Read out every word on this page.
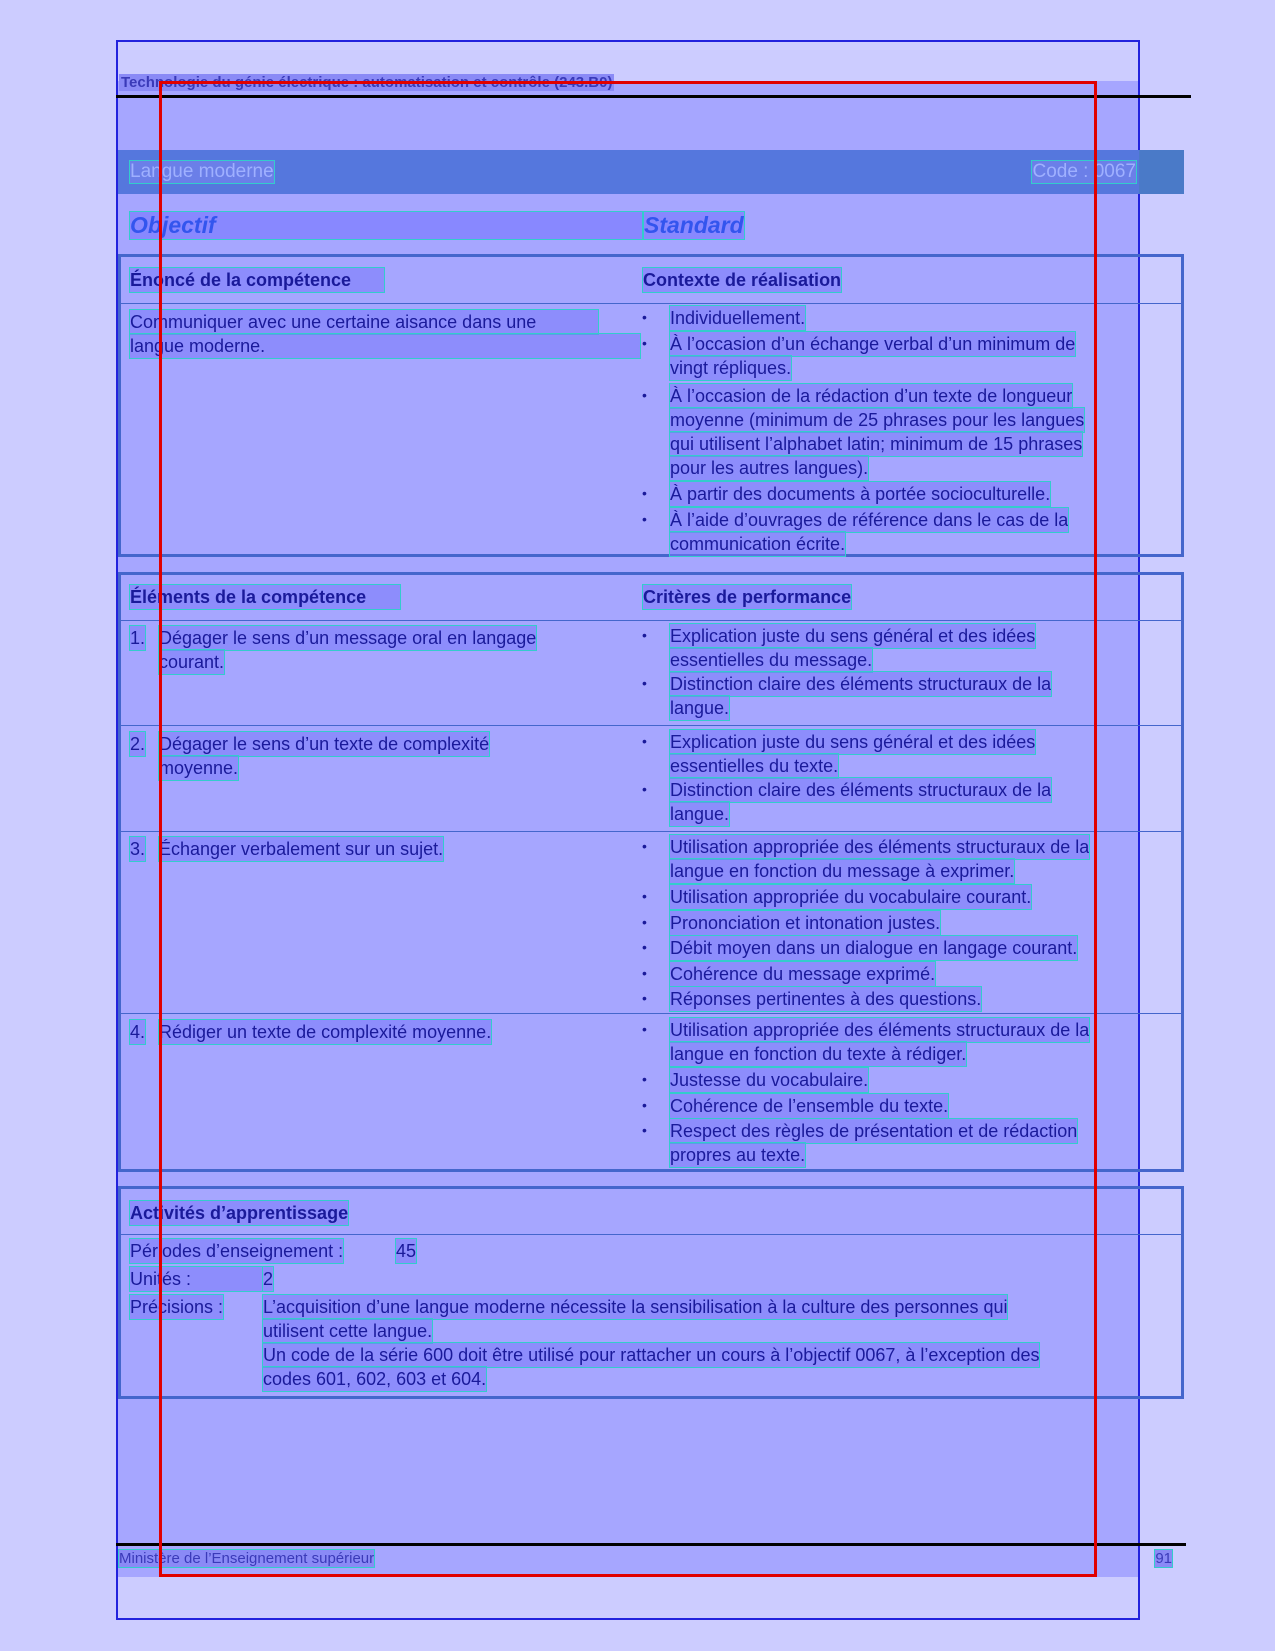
Technologie du génie électrique : automatisation et contrôle (243.B0)
Langue moderne	Code : 0067
Objectif	Standard
Énoncé de la compétence	Contexte de réalisation
Communiquer avec une certaine aisance dans une
langue moderne.
• Individuellement.
• À l’occasion d’un échange verbal d’un minimum de
vingt répliques.
• À l’occasion de la rédaction d’un texte de longueur
moyenne (minimum de 25 phrases pour les langues
qui utilisent l’alphabet latin; minimum de 15 phrases
pour les autres langues).
• À partir des documents à portée socioculturelle.
• À l’aide d’ouvrages de référence dans le cas de la
communication écrite.
Éléments de la compétence	Critères de performance
1. Dégager le sens d’un message oral en langage
courant.
• Explication juste du sens général et des idées
essentielles du message.
• Distinction claire des éléments structuraux de la
langue.
2. Dégager le sens d’un texte de complexité
moyenne.
• Explication juste du sens général et des idées
essentielles du texte.
• Distinction claire des éléments structuraux de la
langue.
3. Échanger verbalement sur un sujet.	• Utilisation appropriée des éléments structuraux de la
langue en fonction du message à exprimer.
• Utilisation appropriée du vocabulaire courant.
• Prononciation et intonation justes.
• Débit moyen dans un dialogue en langage courant.
• Cohérence du message exprimé.
• Réponses pertinentes à des questions.
4. Rédiger un texte de complexité moyenne.	• Utilisation appropriée des éléments structuraux de la
langue en fonction du texte à rédiger.
• Justesse du vocabulaire.
• Cohérence de l’ensemble du texte.
• Respect des règles de présentation et de rédaction
propres au texte.
Activités d’apprentissage
Périodes d’enseignement :	45
Unités :	2
Précisions : L’acquisition d’une langue moderne nécessite la sensibilisation à la culture des personnes qui
utilisent cette langue.
Un code de la série 600 doit être utilisé pour rattacher un cours à l’objectif 0067, à l’exception des
codes 601, 602, 603 et 604.
Ministère de l’Enseignement supérieur	91
